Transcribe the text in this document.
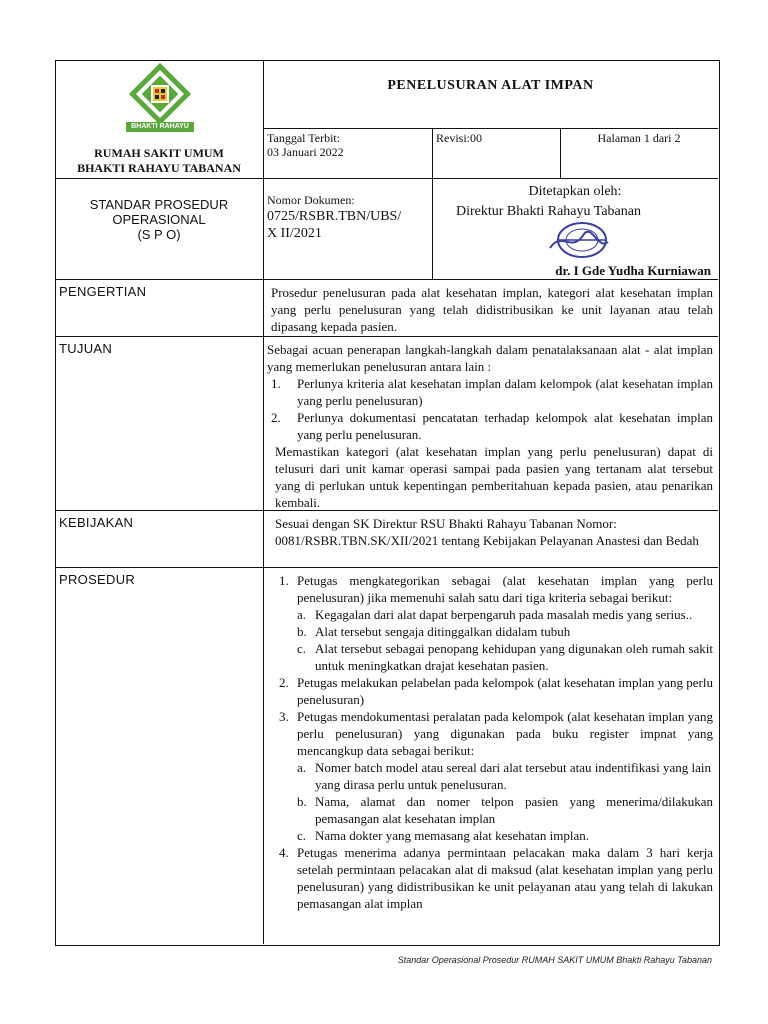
BHAKTI RAHAYU
RUMAH SAKIT UMUM
BHAKTI RAHAYU TABANAN
PENELUSURAN ALAT IMPAN
Tanggal Terbit:
03 Januari 2022
Revisi:00	Halaman 1 dari 2
STANDAR PROSEDUR
OPERASIONAL
(S P O)
Nomor Dokumen:
0725/RSBR.TBN/UBS/
X II/2021
Ditetapkan oleh:
Direktur Bhakti Rahayu Tabanan
dr. I Gde Yudha Kurniawan
PENGERTIAN	Prosedur penelusuran pada alat kesehatan implan, kategori alat kesehatan implan yang perlu penelusuran yang telah didistribusikan ke unit layanan atau telah dipasang kepada pasien.
TUJUAN	Sebagai acuan penerapan langkah-langkah dalam penatalaksanaan alat - alat implan yang memerlukan penelusuran antara lain :

1. Perlunya kriteria alat kesehatan implan dalam kelompok (alat kesehatan implan yang perlu penelusuran)
2. Perlunya dokumentasi pencatatan terhadap kelompok alat kesehatan implan yang perlu penelusuran.

Memastikan kategori (alat kesehatan implan yang perlu penelusuran) dapat di telusuri dari unit kamar operasi sampai pada pasien yang tertanam alat tersebut yang di perlukan untuk kepentingan pemberitahuan kepada pasien, atau penarikan kembali.

KEBIJAKAN	Sesuai dengan SK Direktur RSU Bhakti Rahayu Tabanan Nomor: 0081/RSBR.TBN.SK/XII/2021 tentang Kebijakan Pelayanan Anastesi dan Bedah
PROSEDUR	1. Petugas mengkategorikan sebagai (alat kesehatan implan yang perlu penelusuran) jika memenuhi salah satu dari tiga kriteria sebagai berikut:
a. Kegagalan dari alat dapat berpengaruh pada masalah medis yang serius..
b. Alat tersebut sengaja ditinggalkan didalam tubuh
c. Alat tersebut sebagai penopang kehidupan yang digunakan oleh rumah sakit untuk meningkatkan drajat kesehatan pasien.
2. Petugas melakukan pelabelan pada kelompok (alat kesehatan implan yang perlu penelusuran)
3. Petugas mendokumentasi peralatan pada kelompok (alat kesehatan implan yang perlu penelusuran) yang digunakan pada buku register impnat yang mencangkup data sebagai berikut:
a. Nomer batch model atau sereal dari alat tersebut atau indentifikasi yang lain yang dirasa perlu untuk penelusuran.
b. Nama, alamat dan nomer telpon pasien yang menerima/dilakukan pemasangan alat kesehatan implan
c. Nama dokter yang memasang alat kesehatan implan.
4. Petugas menerima adanya permintaan pelacakan maka dalam 3 hari kerja setelah permintaan pelacakan alat di maksud (alat kesehatan implan yang perlu penelusuran) yang didistribusikan ke unit pelayanan atau yang telah di lakukan pemasangan alat implan
Standar Operasional Prosedur RUMAH SAKIT UMUM Bhakti Rahayu Tabanan
